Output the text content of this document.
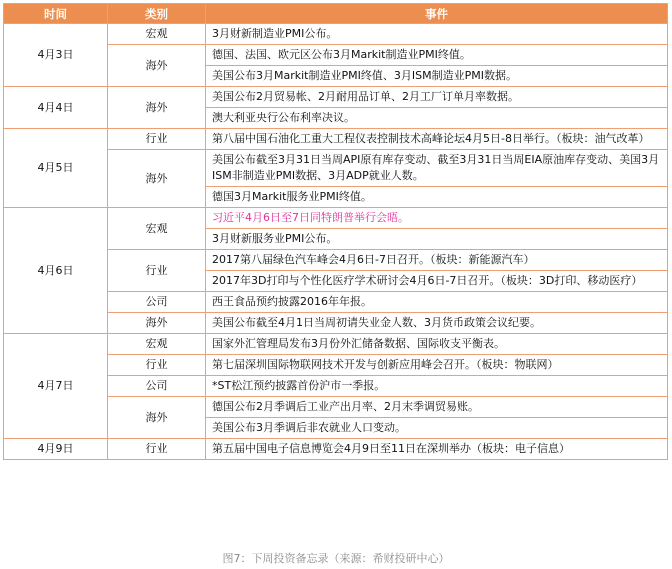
时间	类别	事件
4月3日	宏观	3月财新制造业PMI公布。
	海外	德国、法国、欧元区公布3月Markit制造业PMI终值。
		美国公布3月Markit制造业PMI终值、3月ISM制造业PMI数据。
4月4日	海外	美国公布2月贸易帐、2月耐用品订单、2月工厂订单月率数据。
		澳大利亚央行公布利率决议。
4月5日	行业	第八届中国石油化工重大工程仪表控制技术高峰论坛4月5日-8日举行。（板块：油气改革）
	海外	美国公布截至3月31日当周API原有库存变动、截至3月31日当周EIA原油库存变动、美国3月ISM非制造业PMI数据、3月ADP就业人数。
		德国3月Markit服务业PMI终值。
4月6日	宏观	习近平4月6日至7日同特朗普举行会晤。
		3月财新服务业PMI公布。
	行业	2017第八届绿色汽车峰会4月6日-7日召开。（板块：新能源汽车）
		2017年3D打印与个性化医疗学术研讨会4月6日-7日召开。（板块：3D打印、移动医疗）
	公司	西王食品预约披露2016年年报。
	海外	美国公布截至4月1日当周初请失业金人数、3月货币政策会议纪要。
4月7日	宏观	国家外汇管理局发布3月份外汇储备数据、国际收支平衡表。
	行业	第七届深圳国际物联网技术开发与创新应用峰会召开。（板块：物联网）
	公司	*ST松江预约披露首份沪市一季报。
	海外	德国公布2月季调后工业产出月率、2月末季调贸易账。
		美国公布3月季调后非农就业人口变动。
4月9日	行业	第五届中国电子信息博览会4月9日至11日在深圳举办（板块：电子信息）
图7：下周投资备忘录（来源：希财投研中心）
